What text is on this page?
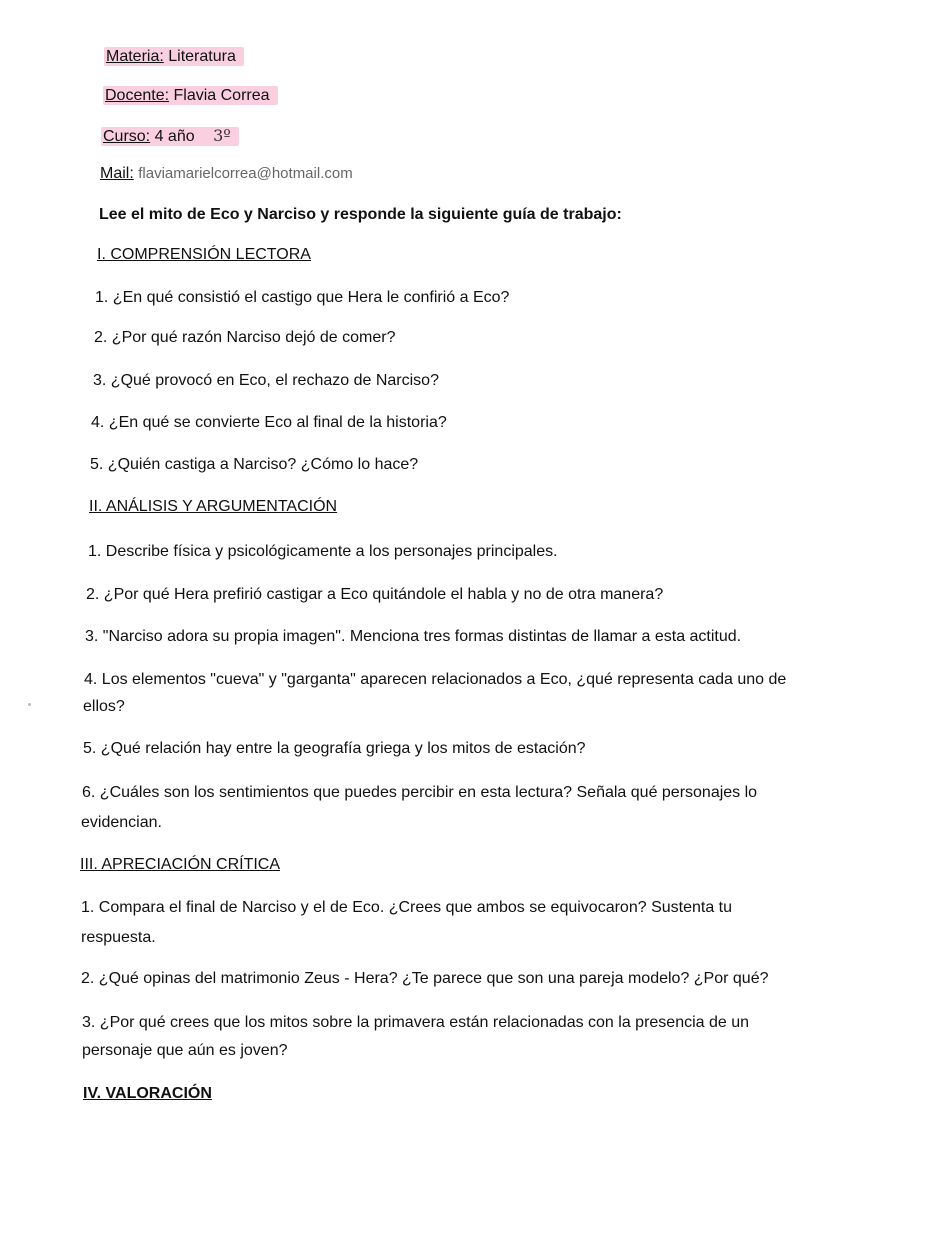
Materia: Literatura
Docente: Flavia Correa
Curso: 4 año 3º
Mail: flaviamarielcorrea@hotmail.com
Lee el mito de Eco y Narciso y responde la siguiente guía de trabajo:
I. COMPRENSIÓN LECTORA
1. ¿En qué consistió el castigo que Hera le confirió a Eco?
2. ¿Por qué razón Narciso dejó de comer?
3. ¿Qué provocó en Eco, el rechazo de Narciso?
4. ¿En qué se convierte Eco al final de la historia?
5. ¿Quién castiga a Narciso? ¿Cómo lo hace?
II. ANÁLISIS Y ARGUMENTACIÓN
1. Describe física y psicológicamente a los personajes principales.
2. ¿Por qué Hera prefirió castigar a Eco quitándole el habla y no de otra manera?
3. "Narciso adora su propia imagen". Menciona tres formas distintas de llamar a esta actitud.
4. Los elementos "cueva" y "garganta" aparecen relacionados a Eco, ¿qué representa cada uno de
ellos?
5. ¿Qué relación hay entre la geografía griega y los mitos de estación?
6. ¿Cuáles son los sentimientos que puedes percibir en esta lectura? Señala qué personajes lo
evidencian.
III. APRECIACIÓN CRÍTICA
1. Compara el final de Narciso y el de Eco. ¿Crees que ambos se equivocaron? Sustenta tu
respuesta.
2. ¿Qué opinas del matrimonio Zeus - Hera? ¿Te parece que son una pareja modelo? ¿Por qué?
3. ¿Por qué crees que los mitos sobre la primavera están relacionadas con la presencia de un
personaje que aún es joven?
IV. VALORACIÓN
